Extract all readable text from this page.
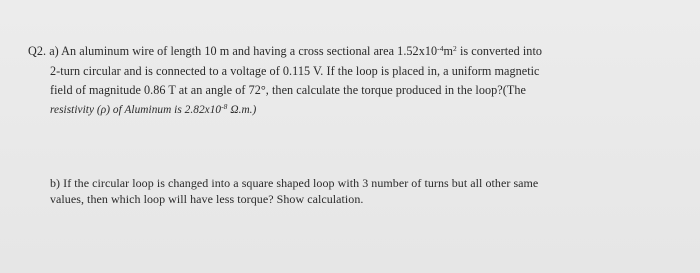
Q2. a) An aluminum wire of length 10 m and having a cross sectional area $1.52x10^{-4}m^2$ is converted into
2-turn circular and is connected to a voltage of 0.115 V. If the loop is placed in, a uniform magnetic
field of magnitude 0.86 T at an angle of 72°, then calculate the torque produced in the loop?(The
resistivity (ρ) of Aluminum is $2.82x10^{-8}$ Ω.m.)
b) If the circular loop is changed into a square shaped loop with 3 number of turns but all other same
values, then which loop will have less torque? Show calculation.
